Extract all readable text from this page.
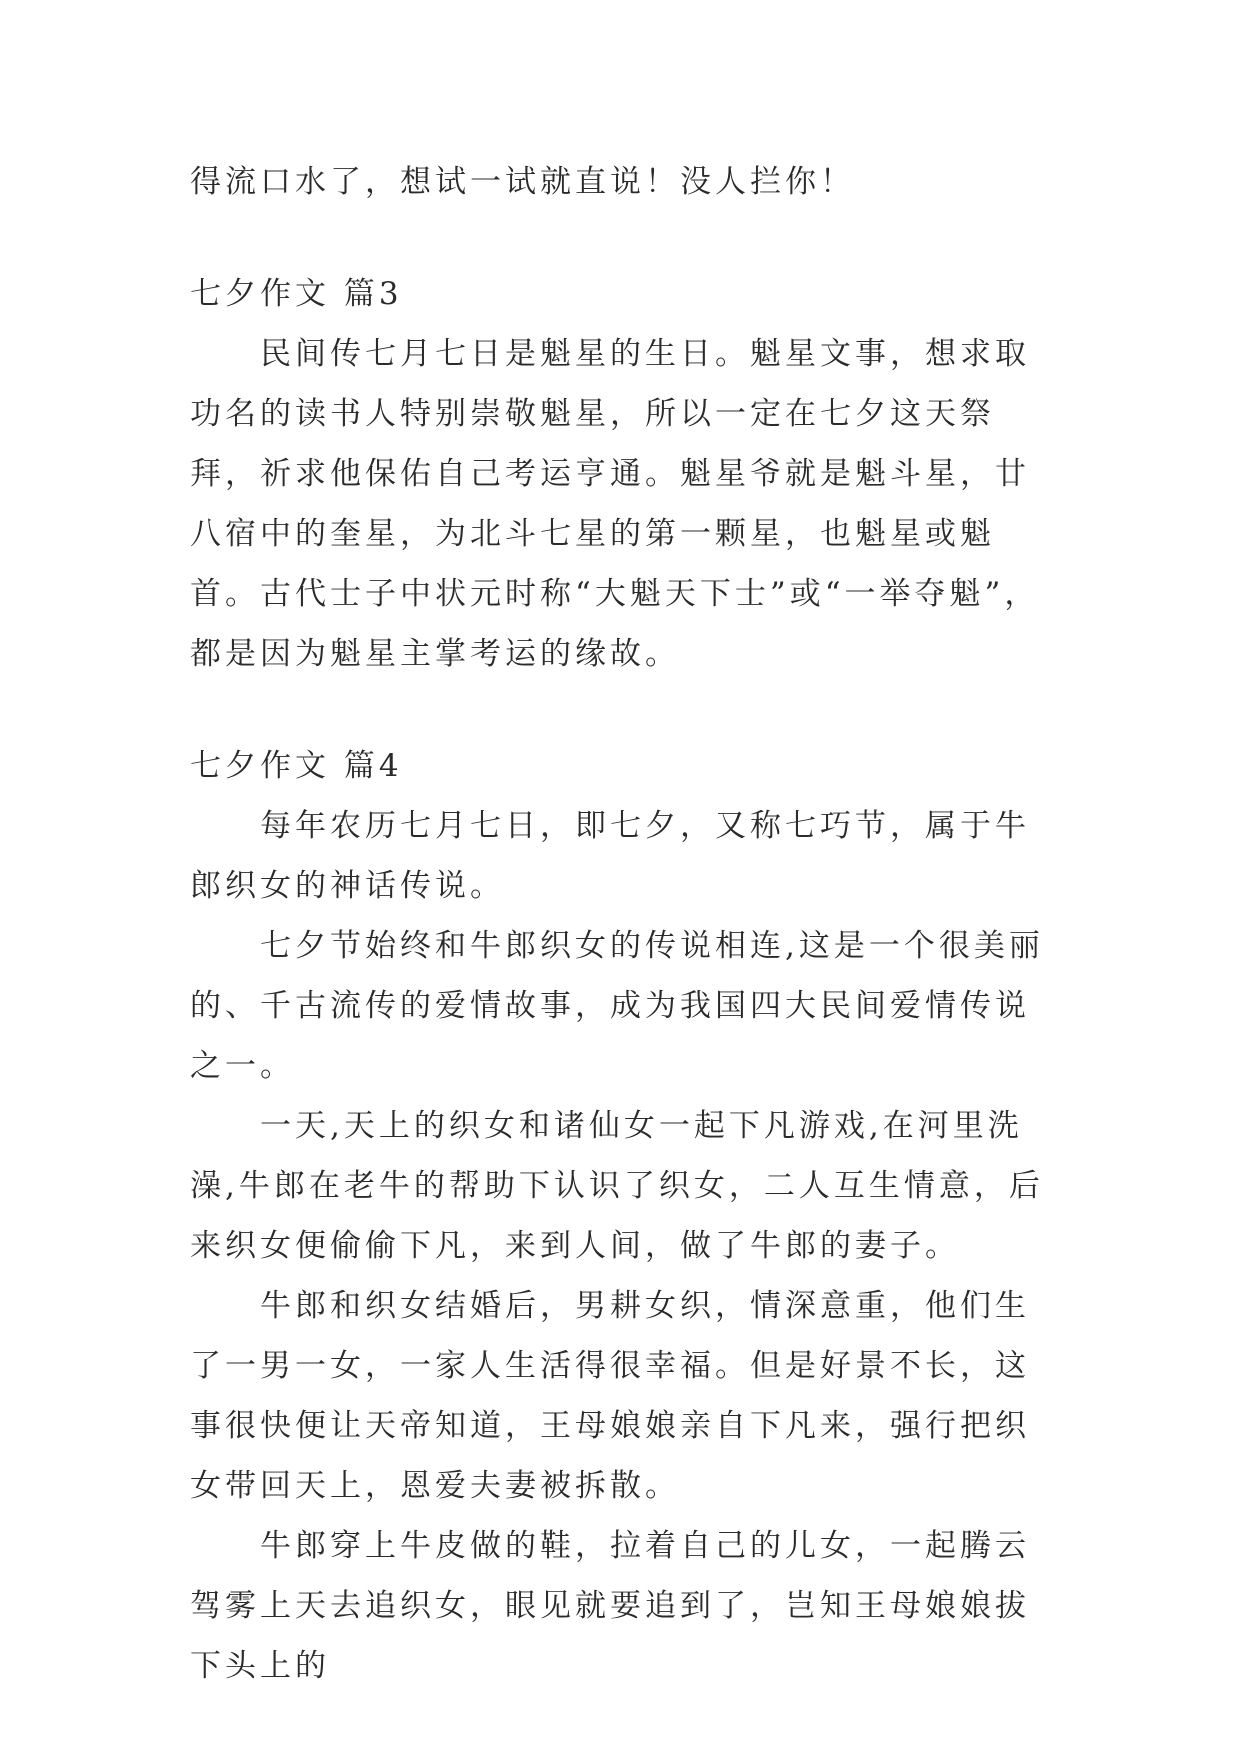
得流口水了，想试一试就直说！没人拦你！

七夕作文 篇3

民间传七月七日是魁星的生日。魁星文事，想求取功名的读书人特别崇敬魁星，所以一定在七夕这天祭拜，祈求他保佑自己考运亨通。魁星爷就是魁斗星，廿八宿中的奎星，为北斗七星的第一颗星，也魁星或魁首。古代士子中状元时称“大魁天下士”或“一举夺魁”，都是因为魁星主掌考运的缘故。

七夕作文 篇4

每年农历七月七日，即七夕，又称七巧节，属于牛郎织女的神话传说。

七夕节始终和牛郎织女的传说相连,这是一个很美丽的、千古流传的爱情故事，成为我国四大民间爱情传说之一。

一天,天上的织女和诸仙女一起下凡游戏,在河里洗澡,牛郎在老牛的帮助下认识了织女，二人互生情意，后来织女便偷偷下凡，来到人间，做了牛郎的妻子。

牛郎和织女结婚后，男耕女织，情深意重，他们生了一男一女，一家人生活得很幸福。但是好景不长，这事很快便让天帝知道，王母娘娘亲自下凡来，强行把织女带回天上，恩爱夫妻被拆散。

牛郎穿上牛皮做的鞋，拉着自己的儿女，一起腾云驾雾上天去追织女，眼见就要追到了，岂知王母娘娘拔下头上的
